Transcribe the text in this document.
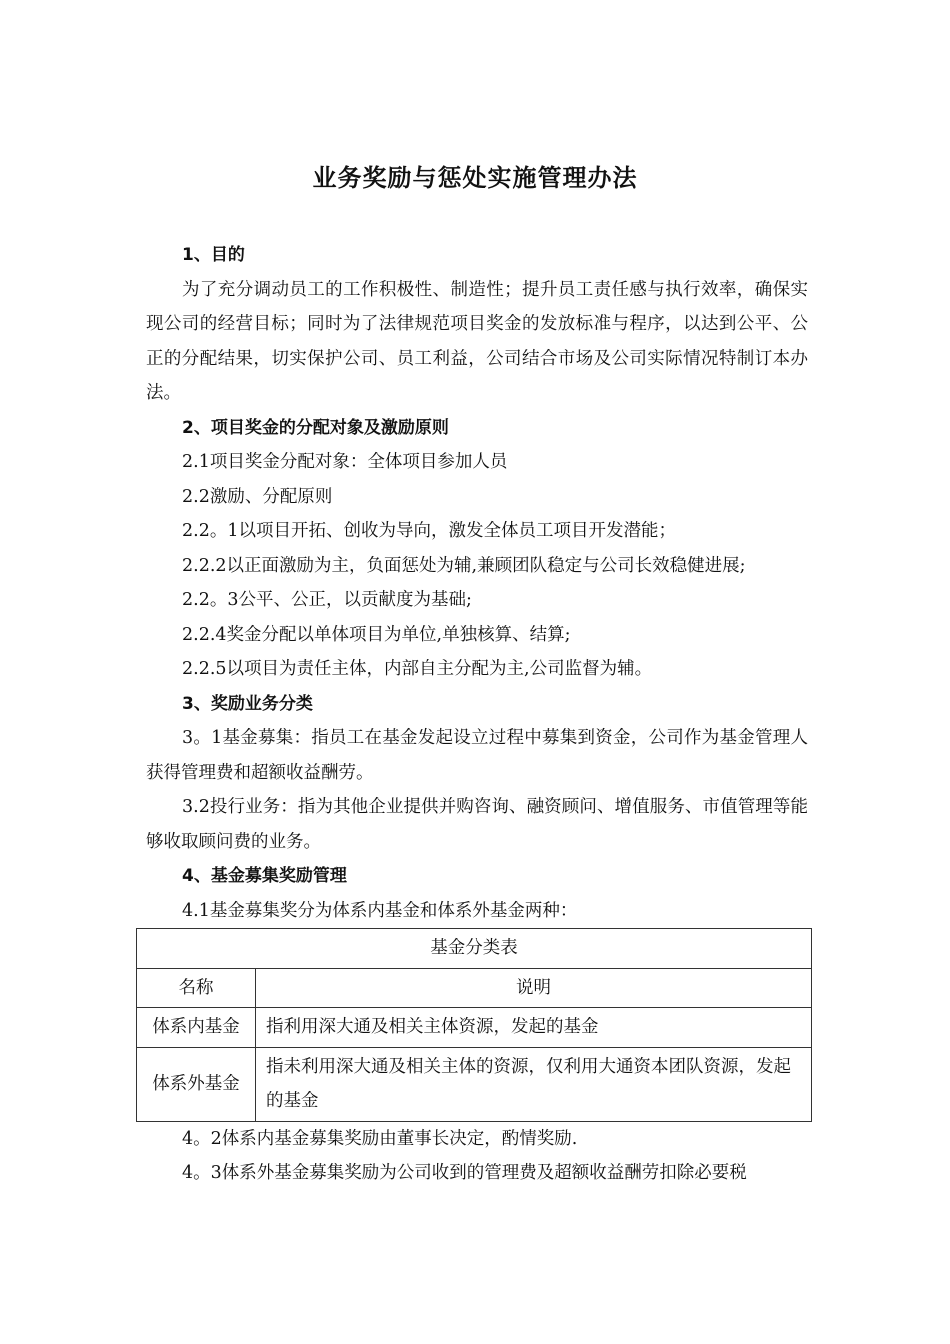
业务奖励与惩处实施管理办法

1、目的

为了充分调动员工的工作积极性、制造性；提升员工责任感与执行效率，确保实现公司的经营目标；同时为了法律规范项目奖金的发放标准与程序，以达到公平、公正的分配结果，切实保护公司、员工利益，公司结合市场及公司实际情况特制订本办法。

2、项目奖金的分配对象及激励原则

2.1项目奖金分配对象：全体项目参加人员

2.2激励、分配原则

2.2。1以项目开拓、创收为导向，激发全体员工项目开发潜能；

2.2.2以正面激励为主，负面惩处为辅,兼顾团队稳定与公司长效稳健进展;

2.2。3公平、公正，以贡献度为基础;

2.2.4奖金分配以单体项目为单位,单独核算、结算;

2.2.5以项目为责任主体，内部自主分配为主,公司监督为辅。

3、奖励业务分类

3。1基金募集：指员工在基金发起设立过程中募集到资金，公司作为基金管理人获得管理费和超额收益酬劳。

3.2投行业务：指为其他企业提供并购咨询、融资顾问、增值服务、市值管理等能够收取顾问费的业务。

4、基金募集奖励管理

4.1基金募集奖分为体系内基金和体系外基金两种：

基金分类表	
名称	说明
体系内基金	指利用深大通及相关主体资源，发起的基金
体系外基金	指未利用深大通及相关主体的资源，仅利用大通资本团队资源，发起的基金

4。2体系内基金募集奖励由董事长决定，酌情奖励.

4。3体系外基金募集奖励为公司收到的管理费及超额收益酬劳扣除必要税
